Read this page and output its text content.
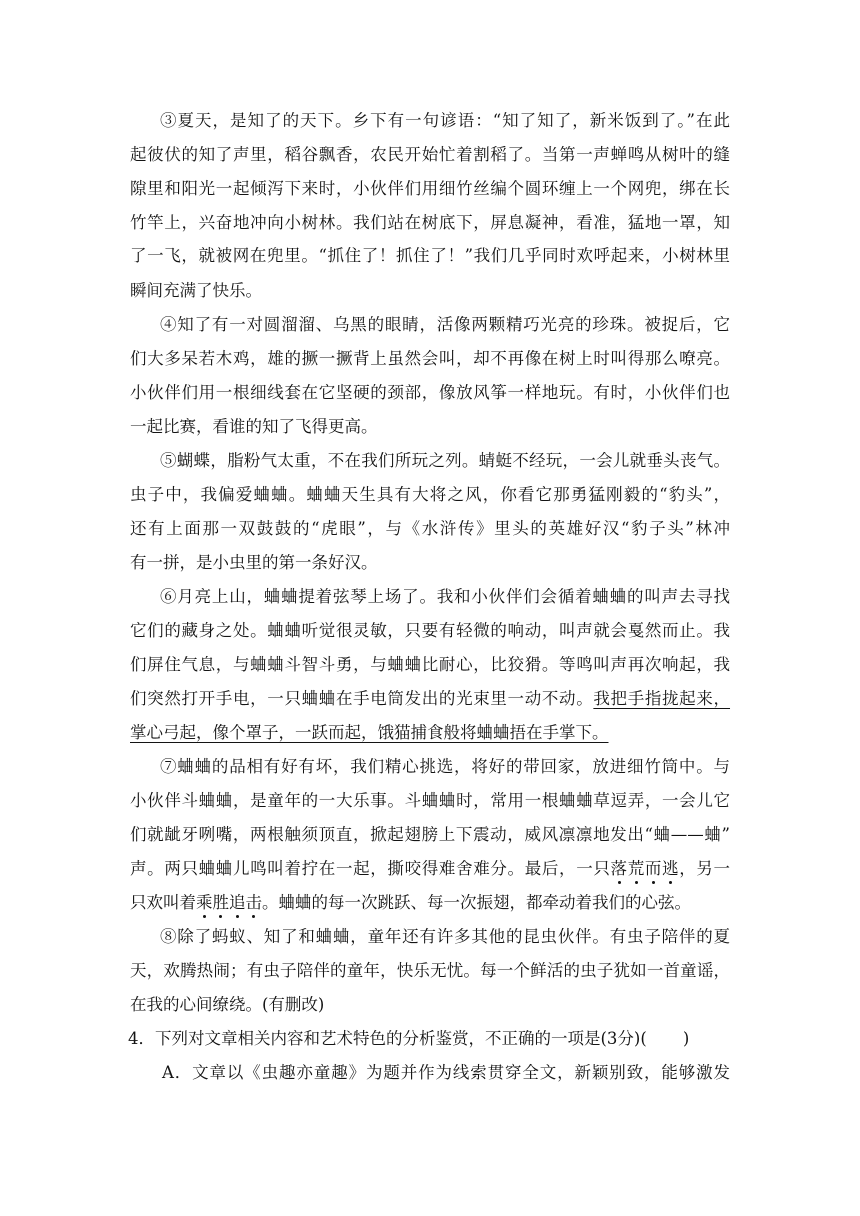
③夏天，是知了的天下。乡下有一句谚语：“知了知了，新米饭到了。”在此
起彼伏的知了声里，稻谷飘香，农民开始忙着割稻了。当第一声蝉鸣从树叶的缝
隙里和阳光一起倾泻下来时，小伙伴们用细竹丝编个圆环缠上一个网兜，绑在长
竹竿上，兴奋地冲向小树林。我们站在树底下，屏息凝神，看准，猛地一罩，知
了一飞，就被网在兜里。“抓住了！抓住了！”我们几乎同时欢呼起来，小树林里
瞬间充满了快乐。
④知了有一对圆溜溜、乌黑的眼睛，活像两颗精巧光亮的珍珠。被捉后，它
们大多呆若木鸡，雄的撅一撅背上虽然会叫，却不再像在树上时叫得那么嘹亮。
小伙伴们用一根细线套在它坚硬的颈部，像放风筝一样地玩。有时，小伙伴们也
一起比赛，看谁的知了飞得更高。
⑤蝴蝶，脂粉气太重，不在我们所玩之列。蜻蜓不经玩，一会儿就垂头丧气。
虫子中，我偏爱蛐蛐。蛐蛐天生具有大将之风，你看它那勇猛刚毅的“豹头”，
还有上面那一双鼓鼓的“虎眼”，与《水浒传》里头的英雄好汉“豹子头”林冲
有一拼，是小虫里的第一条好汉。
⑥月亮上山，蛐蛐提着弦琴上场了。我和小伙伴们会循着蛐蛐的叫声去寻找
它们的藏身之处。蛐蛐听觉很灵敏，只要有轻微的响动，叫声就会戛然而止。我
们屏住气息，与蛐蛐斗智斗勇，与蛐蛐比耐心，比狡猾。等鸣叫声再次响起，我
们突然打开手电，一只蛐蛐在手电筒发出的光束里一动不动。我把手指拢起来，
掌心弓起，像个罩子，一跃而起，饿猫捕食般将蛐蛐捂在手掌下。
⑦蛐蛐的品相有好有坏，我们精心挑选，将好的带回家，放进细竹筒中。与
小伙伴斗蛐蛐，是童年的一大乐事。斗蛐蛐时，常用一根蛐蛐草逗弄，一会儿它
们就龇牙咧嘴，两根触须顶直，掀起翅膀上下震动，威风凛凛地发出“蛐——蛐”
声。两只蛐蛐儿鸣叫着拧在一起，撕咬得难舍难分。最后，一只落荒而逃，另一
只欢叫着乘胜追击。蛐蛐的每一次跳跃、每一次振翅，都牵动着我们的心弦。
⑧除了蚂蚁、知了和蛐蛐，童年还有许多其他的昆虫伙伴。有虫子陪伴的夏
天，欢腾热闹；有虫子陪伴的童年，快乐无忧。每一个鲜活的虫子犹如一首童谣，
在我的心间缭绕。(有删改)
4．下列对文章相关内容和艺术特色的分析鉴赏，不正确的一项是(3分)( )
A．文章以《虫趣亦童趣》为题并作为线索贯穿全文，新颖别致，能够激发
